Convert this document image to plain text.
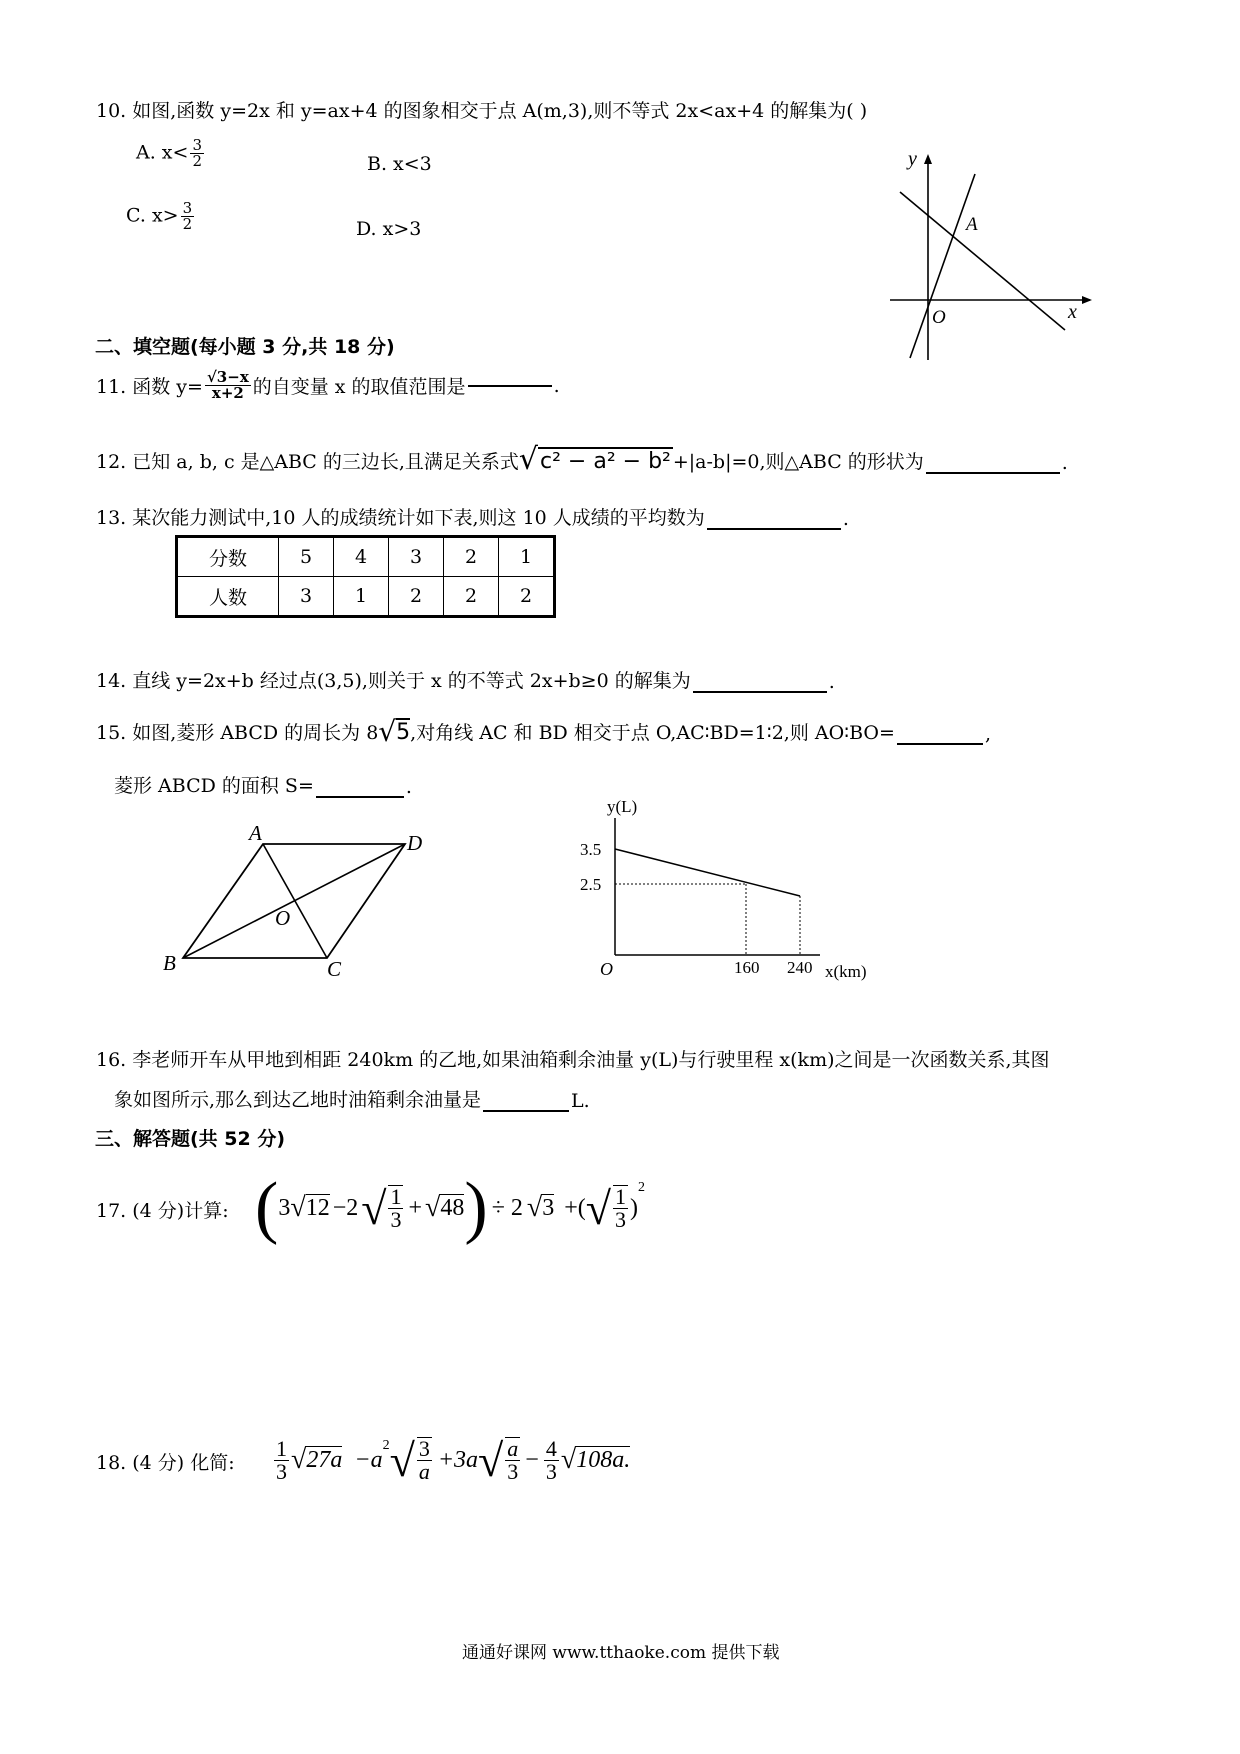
10. 如图,函数 y=2x 和 y=ax+4 的图象相交于点 A(m,3),则不等式 2x<ax+4 的解集为( )
A. $x< \frac{3}{2}$	B. x<3
C. $x> \frac{3}{2}$	D. x>3
y
x
A
O
二、填空题(每小题 3 分,共 18 分)
11. 函数 $y= \frac{√3-x}{x+2}$ 的自变量 x 的取值范围是	.
12. 已知 a, b, c 是△ABC 的三边长,且满足关系式 √ c² − a² − b² +|a-b|=0,则△ABC 的形状为	.
13. 某次能力测试中,10 人的成绩统计如下表,则这 10 人成绩的平均数为	.
分数	5	4	3	2	1
人数	3	1	2	2	2
14. 直线 y=2x+b 经过点(3,5),则关于 x 的不等式 2x+b≥0 的解集为	.
15. 如图,菱形 ABCD 的周长为 8 √ 5 ,对角线 AC 和 BD 相交于点 O,AC∶BD=1∶2,则 AO∶BO=	,
菱形 ABCD 的面积 S=	.
A	D
B	C
O
y(L)
3.5
2.5
O	160 240 x(km)
16. 李老师开车从甲地到相距 240km 的乙地,如果油箱剩余油量 y(L)与行驶里程 x(km)之间是一次函数关系,其图
象如图所示,那么到达乙地时油箱剩余油量是	L.
三、解答题(共 52 分)
17. (4 分)计算: ( 3 √ 12 −2 √ $\frac{1}{3}$ + √ 48 ) ÷ 2 √ 3 +( √ $\frac{1}{3}$ )
$^2$
18. (4 分) 化简: $\frac{1}{3}$ √ 27a −a
$^2$ √ $\frac{3}{a} +3a$ √ $\frac{a}{3} - \frac{4}{3}$ √ 108a.
通通好课网 www.tthaoke.com 提供下载
